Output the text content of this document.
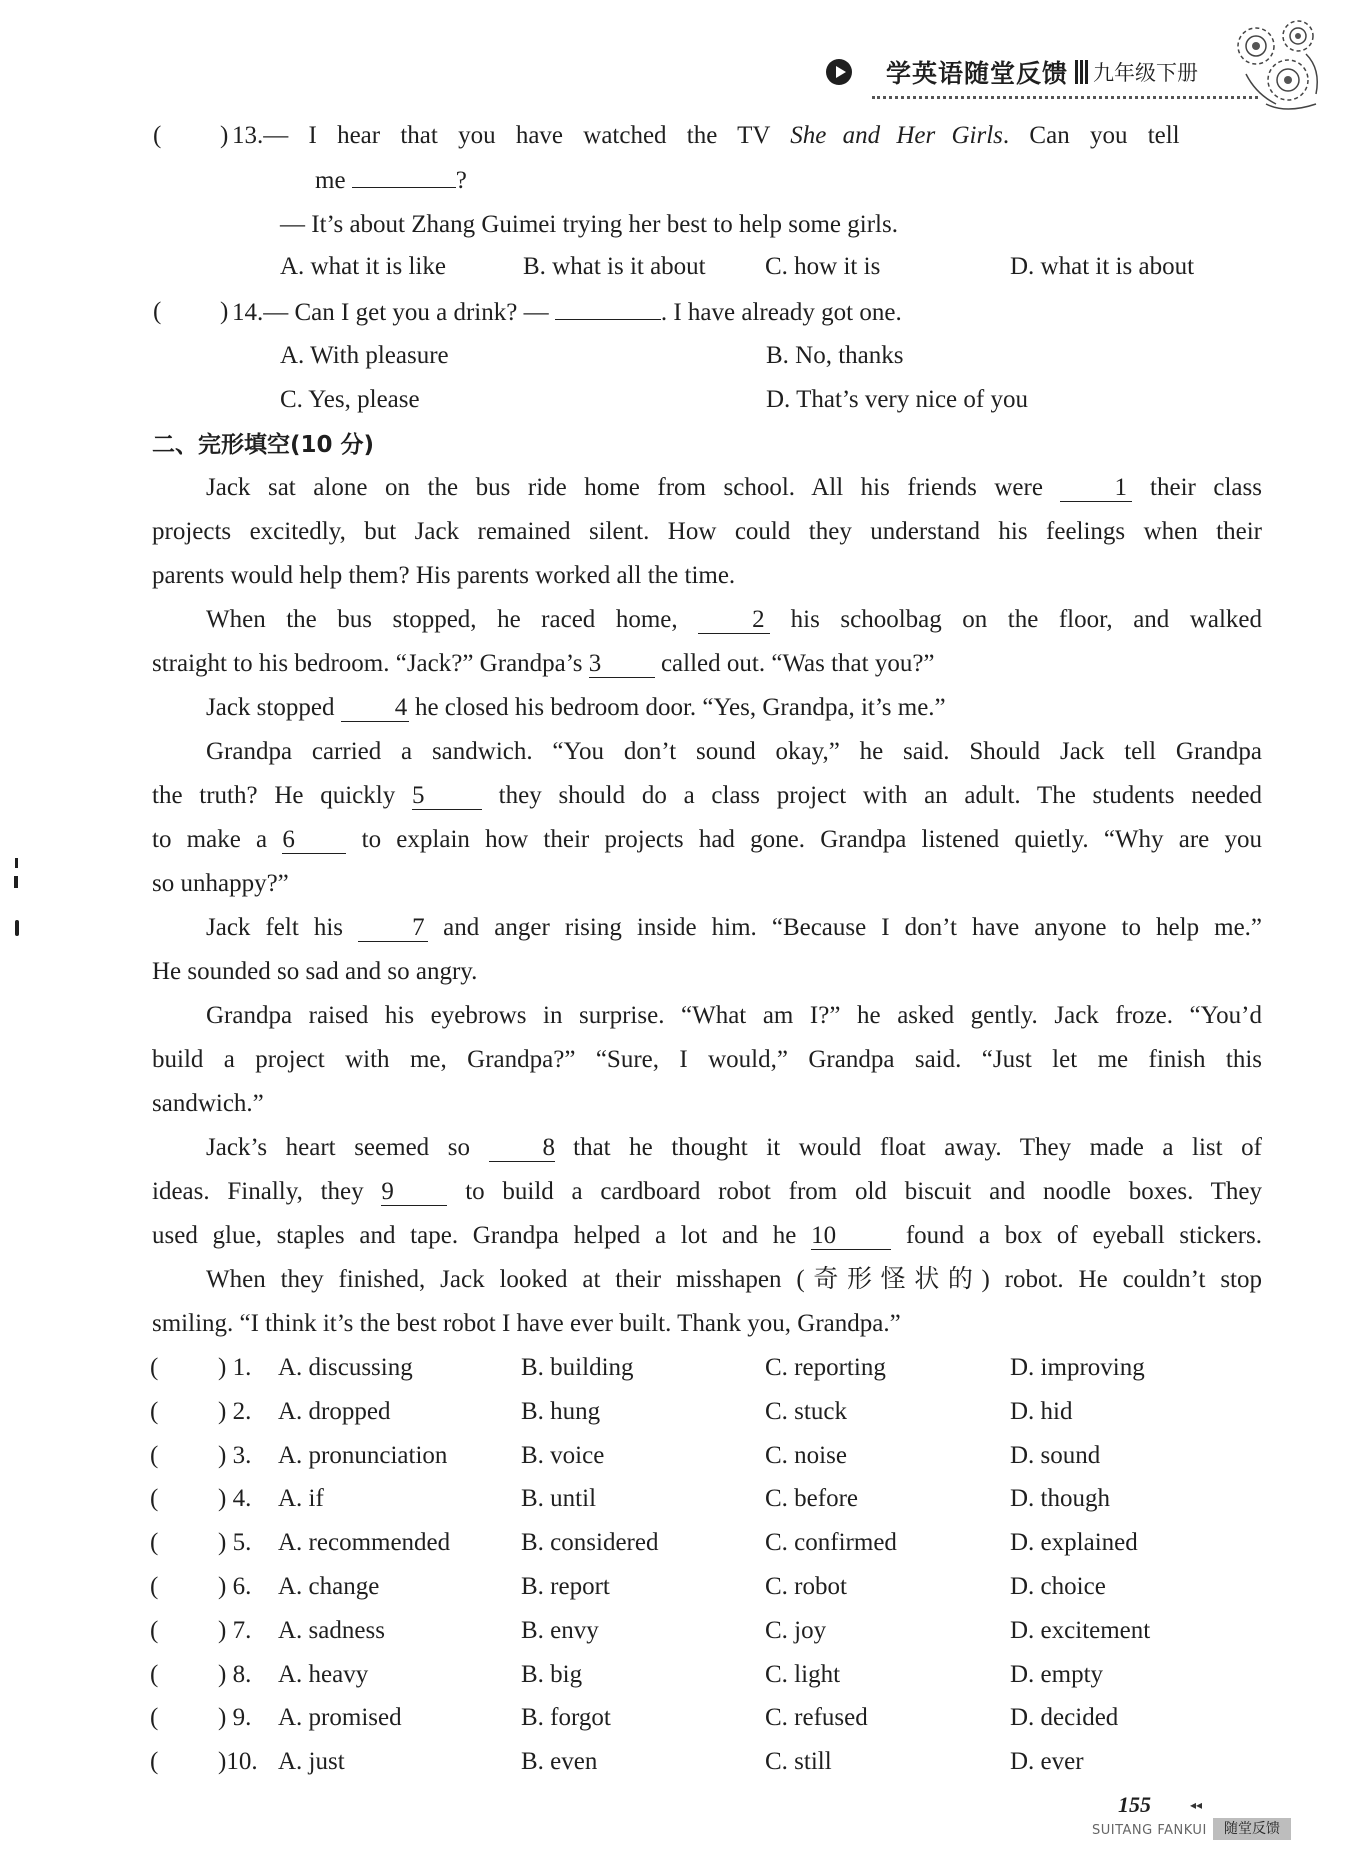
学英语随堂反馈 九年级下册
( ) 13.— I hear that you have watched the TV She and Her Girls. Can you tell
me	?
— It’s about Zhang Guimei trying her best to help some girls.
A. what it is like	B. what is it about C. how it is	D. what it is about
( ) 14.— Can I get you a drink? —	. I have already got one.
A. With pleasure	B. No, thanks
C. Yes, please	D. That’s very nice of you
二、完形填空(10 分)
Jack sat alone on the bus ride home from school. All his friends were	1 their class
projects excitedly, but Jack remained silent. How could they understand his feelings when their
parents would help them? His parents worked all the time.
When the bus stopped, he raced home,	2 his schoolbag on the floor, and walked
straight to his bedroom. “Jack?” Grandpa’s 3 called out. “Was that you?”
Jack stopped 4 he closed his bedroom door. “Yes, Grandpa, it’s me.”
Grandpa carried a sandwich. “You don’t sound okay,” he said. Should Jack tell Grandpa
the truth? He quickly 5	they should do a class project with an adult. The students needed
to make a 6	to explain how their projects had gone. Grandpa listened quietly. “Why are you
so unhappy?”
Jack felt his	7 and anger rising inside him. “Because I don’t have anyone to help me.”
He sounded so sad and so angry.
Grandpa raised his eyebrows in surprise. “What am I?” he asked gently. Jack froze. “You’d
build a project with me, Grandpa?” “Sure, I would,” Grandpa said. “Just let me finish this
sandwich.”
Jack’s heart seemed so	8 that he thought it would float away. They made a list of
ideas. Finally, they 9	to build a cardboard robot from old biscuit and noodle boxes. They
used glue, staples and tape. Grandpa helped a lot and he 10	found a box of eyeball stickers.
When they finished, Jack looked at their misshapen (奇形怪状的) robot. He couldn’t stop
smiling. “I think it’s the best robot I have ever built. Thank you, Grandpa.”
( ) 1. A. discussing	B. building	C. reporting	D. improving
( ) 2. A. dropped	B. hung	C. stuck	D. hid
( ) 3. A. pronunciation	B. voice	C. noise	D. sound
( ) 4. A. if	B. until	C. before	D. though
( ) 5. A. recommended	B. considered	C. confirmed	D. explained
( ) 6. A. change	B. report	C. robot	D. choice
( ) 7. A. sadness	B. envy	C. joy	D. excitement
( ) 8. A. heavy	B. big	C. light	D. empty
( ) 9. A. promised	B. forgot	C. refused	D. decided
( )10. A. just	B. even	C. still	D. ever
155	◂◂
SUITANG FANKUI	随堂反馈
